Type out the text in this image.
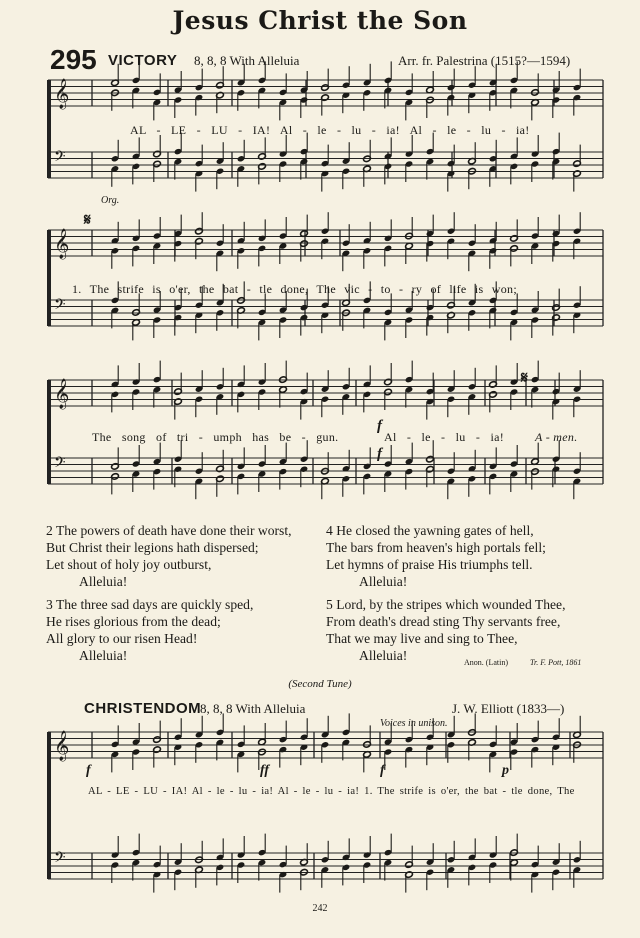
Jesus Christ the Son
295 VICTORY 8, 8, 8 With Alleluia	Arr. fr. Palestrina (1515?—1594)
𝄞
𝄢
𝄞
𝄢
𝄞
𝄢
𝄞
𝄢
Org.
𝄋
𝄋
f
f
AL - LE - LU - IA! Al - le - lu - ia! Al - le - lu - ia!
1. The strife is o'er, the bat - tle done, The vic - to - ry of life is won;
The song of tri - umph has be - gun.	Al - le - lu - ia!	A - men.
2 The powers of death have done their worst,
But Christ their legions hath dispersed;
Let shout of holy joy outburst,
Alleluia!
3 The three sad days are quickly sped,
He rises glorious from the dead;
All glory to our risen Head!
Alleluia!
4 He closed the yawning gates of hell,
The bars from heaven's high portals fell;
Let hymns of praise His triumphs tell.
Alleluia!
5 Lord, by the stripes which wounded Thee,
From death's dread sting Thy servants free,
That we may live and sing to Thee,
Alleluia!	Anon. (Latin)	Tr. F. Pott, 1861
(Second Tune)
CHRISTENDOM
8, 8, 8 With Alleluia	J. W. Elliott (1833—)
Voices in unison.
f	ff	f	p
AL - LE - LU - IA! Al - le - lu - ia! Al - le - lu - ia! 1. The strife is o'er, the bat - tle done, The
242
